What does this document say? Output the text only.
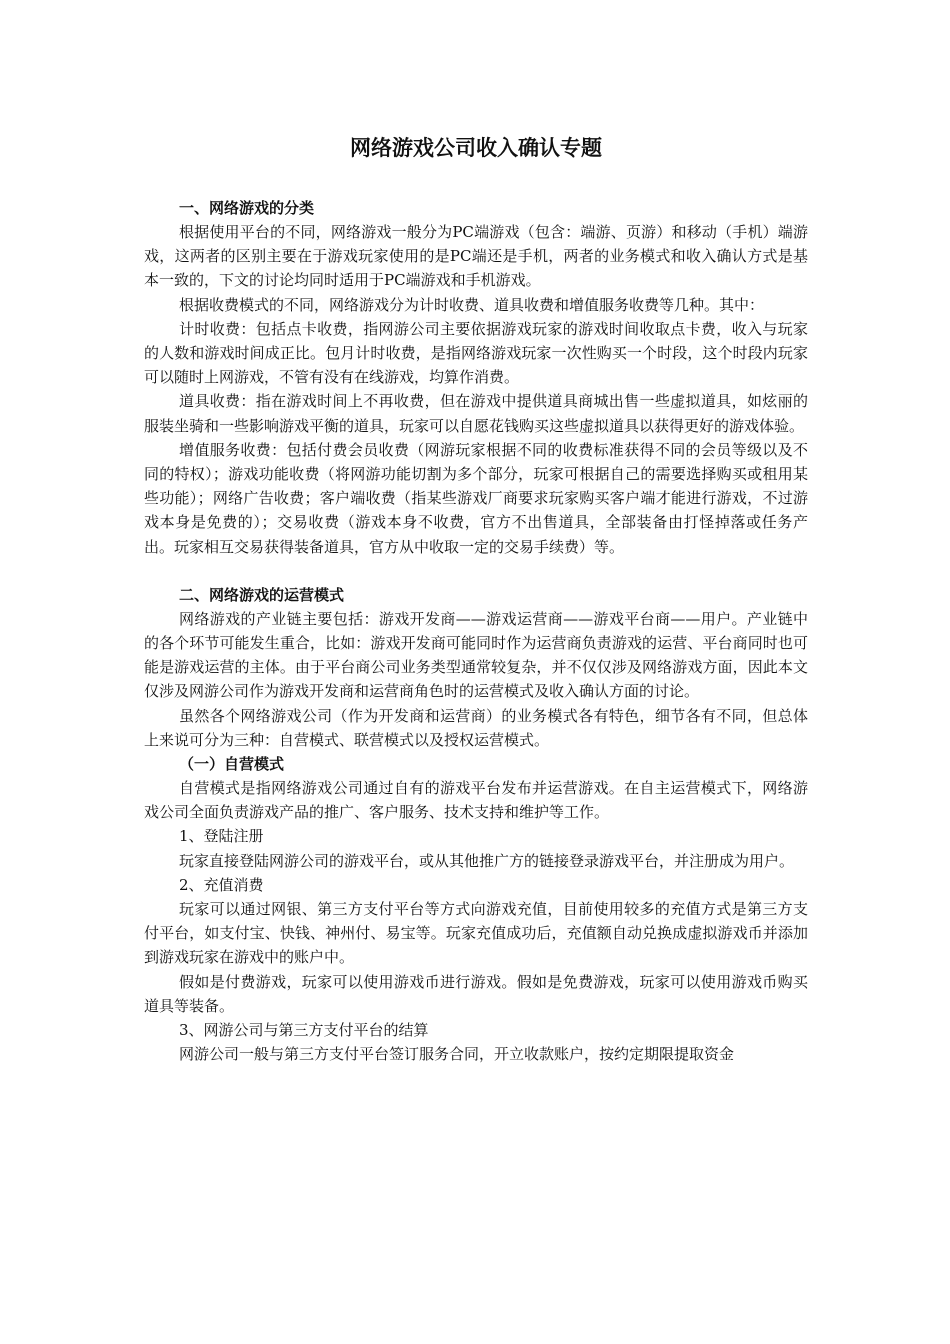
网络游戏公司收入确认专题
一、网络游戏的分类

根据使用平台的不同，网络游戏一般分为PC端游戏（包含：端游、页游）和移动（手机）端游戏，这两者的区别主要在于游戏玩家使用的是PC端还是手机，两者的业务模式和收入确认方式是基本一致的，下文的讨论均同时适用于PC端游戏和手机游戏。

根据收费模式的不同，网络游戏分为计时收费、道具收费和增值服务收费等几种。其中：

计时收费：包括点卡收费，指网游公司主要依据游戏玩家的游戏时间收取点卡费，收入与玩家的人数和游戏时间成正比。包月计时收费，是指网络游戏玩家一次性购买一个时段，这个时段内玩家可以随时上网游戏，不管有没有在线游戏，均算作消费。

道具收费：指在游戏时间上不再收费，但在游戏中提供道具商城出售一些虚拟道具，如炫丽的服装坐骑和一些影响游戏平衡的道具，玩家可以自愿花钱购买这些虚拟道具以获得更好的游戏体验。

增值服务收费：包括付费会员收费（网游玩家根据不同的收费标准获得不同的会员等级以及不同的特权）；游戏功能收费（将网游功能切割为多个部分，玩家可根据自己的需要选择购买或租用某些功能）；网络广告收费；客户端收费（指某些游戏厂商要求玩家购买客户端才能进行游戏，不过游戏本身是免费的）；交易收费（游戏本身不收费，官方不出售道具，全部装备由打怪掉落或任务产出。玩家相互交易获得装备道具，官方从中收取一定的交易手续费）等。

二、网络游戏的运营模式

网络游戏的产业链主要包括：游戏开发商——游戏运营商——游戏平台商——用户。产业链中的各个环节可能发生重合，比如：游戏开发商可能同时作为运营商负责游戏的运营、平台商同时也可能是游戏运营的主体。由于平台商公司业务类型通常较复杂，并不仅仅涉及网络游戏方面，因此本文仅涉及网游公司作为游戏开发商和运营商角色时的运营模式及收入确认方面的讨论。

虽然各个网络游戏公司（作为开发商和运营商）的业务模式各有特色，细节各有不同，但总体上来说可分为三种：自营模式、联营模式以及授权运营模式。

（一）自营模式

自营模式是指网络游戏公司通过自有的游戏平台发布并运营游戏。在自主运营模式下，网络游戏公司全面负责游戏产品的推广、客户服务、技术支持和维护等工作。

1、登陆注册

玩家直接登陆网游公司的游戏平台，或从其他推广方的链接登录游戏平台，并注册成为用户。

2、充值消费

玩家可以通过网银、第三方支付平台等方式向游戏充值，目前使用较多的充值方式是第三方支付平台，如支付宝、快钱、神州付、易宝等。玩家充值成功后，充值额自动兑换成虚拟游戏币并添加到游戏玩家在游戏中的账户中。

假如是付费游戏，玩家可以使用游戏币进行游戏。假如是免费游戏，玩家可以使用游戏币购买道具等装备。

3、网游公司与第三方支付平台的结算

网游公司一般与第三方支付平台签订服务合同，开立收款账户，按约定期限提取资金
